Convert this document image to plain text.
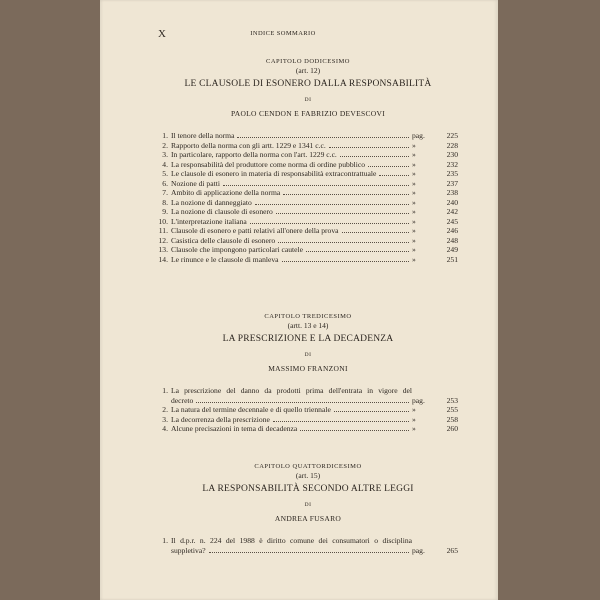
X	INDICE SOMMARIO
CAPITOLO DODICESIMO
(art. 12)
LE CLAUSOLE DI ESONERO DALLA RESPONSABILITÀ
DI
PAOLO CENDON E FABRIZIO DEVESCOVI
1. Il tenore della norma	pag.	225
2. Rapporto della norma con gli artt. 1229 e 1341 c.c.	»	228
3. In particolare, rapporto della norma con l'art. 1229 c.c.	»	230
4. La responsabilità del produttore come norma di ordine pubblico	»	232
5. Le clausole di esonero in materia di responsabilità extracontrattuale	»	235
6. Nozione di patti	»	237
7. Ambito di applicazione della norma	»	238
8. La nozione di danneggiato	»	240
9. La nozione di clausole di esonero	»	242
10. L'interpretazione italiana	»	245
11. Clausole di esonero e patti relativi all'onere della prova	»	246
12. Casistica delle clausole di esonero	»	248
13. Clausole che impongono particolari cautele	»	249
14. Le rinunce e le clausole di manleva	»	251
CAPITOLO TREDICESIMO
(artt. 13 e 14)
LA PRESCRIZIONE E LA DECADENZA
DI
MASSIMO FRANZONI
1. La prescrizione del danno da prodotti prima dell'entrata in vigore del
decreto	pag.	253
2. La natura del termine decennale e di quello triennale	»	255
3. La decorrenza della prescrizione	»	258
4. Alcune precisazioni in tema di decadenza	»	260
CAPITOLO QUATTORDICESIMO
(art. 15)
LA RESPONSABILITÀ SECONDO ALTRE LEGGI
DI
ANDREA FUSARO
1. Il d.p.r. n. 224 del 1988 è diritto comune dei consumatori o disciplina
suppletiva?	pag.	265
